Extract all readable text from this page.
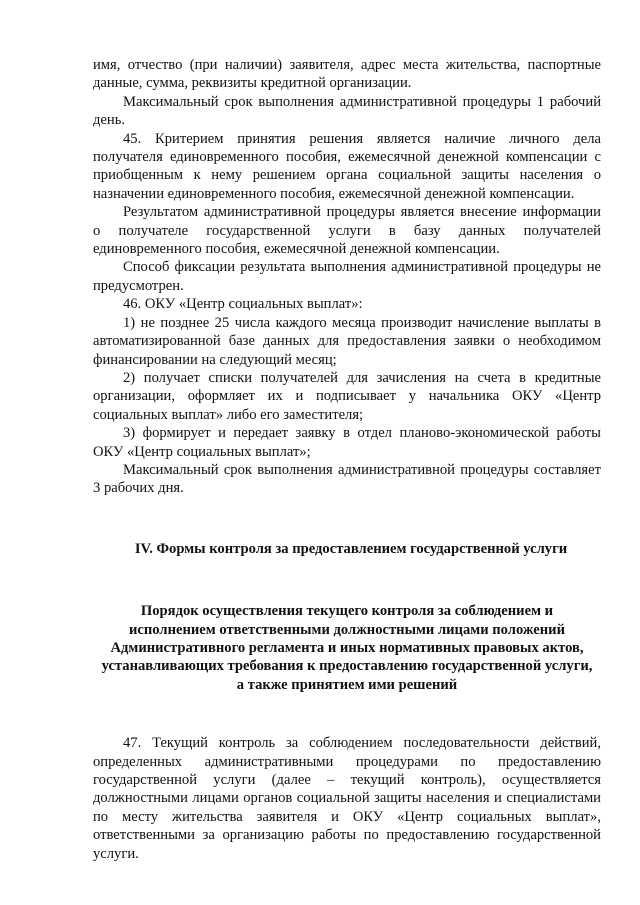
имя, отчество (при наличии) заявителя, адрес места жительства, паспортные данные, сумма, реквизиты кредитной организации.

Максимальный срок выполнения административной процедуры 1 рабочий день.

45. Критерием принятия решения является наличие личного дела получателя единовременного пособия, ежемесячной денежной компенсации с приобщенным к нему решением органа социальной защиты населения о назначении единовременного пособия, ежемесячной денежной компенсации.

Результатом административной процедуры является внесение информации о получателе государственной услуги в базу данных получателей единовременного пособия, ежемесячной денежной компенсации.

Способ фиксации результата выполнения административной процедуры не предусмотрен.

46. ОКУ «Центр социальных выплат»:

1) не позднее 25 числа каждого месяца производит начисление выплаты в автоматизированной базе данных для предоставления заявки о необходимом финансировании на следующий месяц;

2) получает списки получателей для зачисления на счета в кредитные организации, оформляет их и подписывает у начальника ОКУ «Центр социальных выплат» либо его заместителя;

3) формирует и передает заявку в отдел планово-экономической работы ОКУ «Центр социальных выплат»;

Максимальный срок выполнения административной процедуры составляет 3 рабочих дня.

IV. Формы контроля за предоставлением государственной услуги

Порядок осуществления текущего контроля за соблюдением и исполнением ответственными должностными лицами положений Административного регламента и иных нормативных правовых актов, устанавливающих требования к предоставлению государственной услуги, а также принятием ими решений

47. Текущий контроль за соблюдением последовательности действий, определенных административными процедурами по предоставлению государственной услуги (далее – текущий контроль), осуществляется должностными лицами органов социальной защиты населения и специалистами по месту жительства заявителя и ОКУ «Центр социальных выплат», ответственными за организацию работы по предоставлению государственной услуги.
